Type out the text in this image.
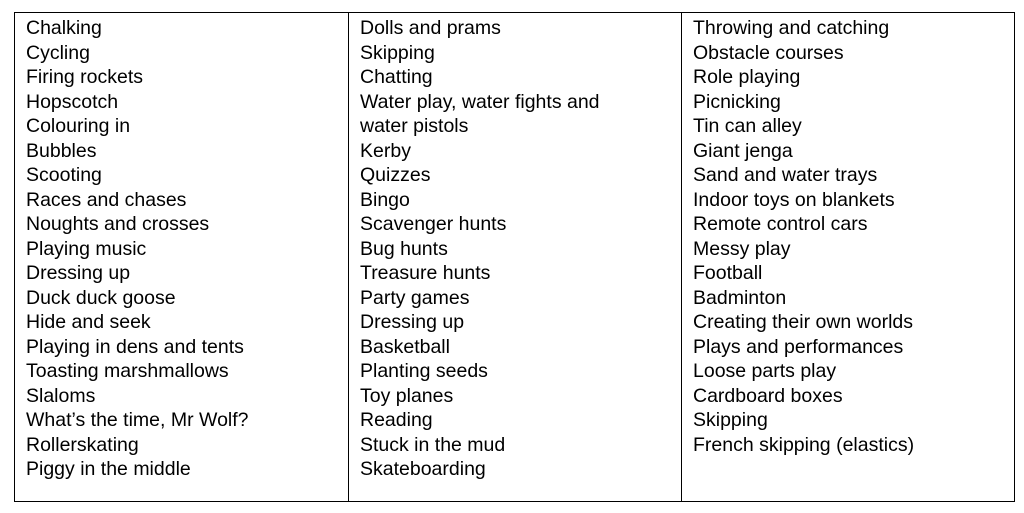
Chalking
Cycling
Firing rockets
Hopscotch
Colouring in
Bubbles
Scooting
Races and chases
Noughts and crosses
Playing music
Dressing up
Duck duck goose
Hide and seek
Playing in dens and tents
Toasting marshmallows
Slaloms
What’s the time, Mr Wolf?
Rollerskating
Piggy in the middle
Dolls and prams
Skipping
Chatting
Water play, water fights and
water pistols
Kerby
Quizzes
Bingo
Scavenger hunts
Bug hunts
Treasure hunts
Party games
Dressing up
Basketball
Planting seeds
Toy planes
Reading
Stuck in the mud
Skateboarding
Throwing and catching
Obstacle courses
Role playing
Picnicking
Tin can alley
Giant jenga
Sand and water trays
Indoor toys on blankets
Remote control cars
Messy play
Football
Badminton
Creating their own worlds
Plays and performances
Loose parts play
Cardboard boxes
Skipping
French skipping (elastics)
